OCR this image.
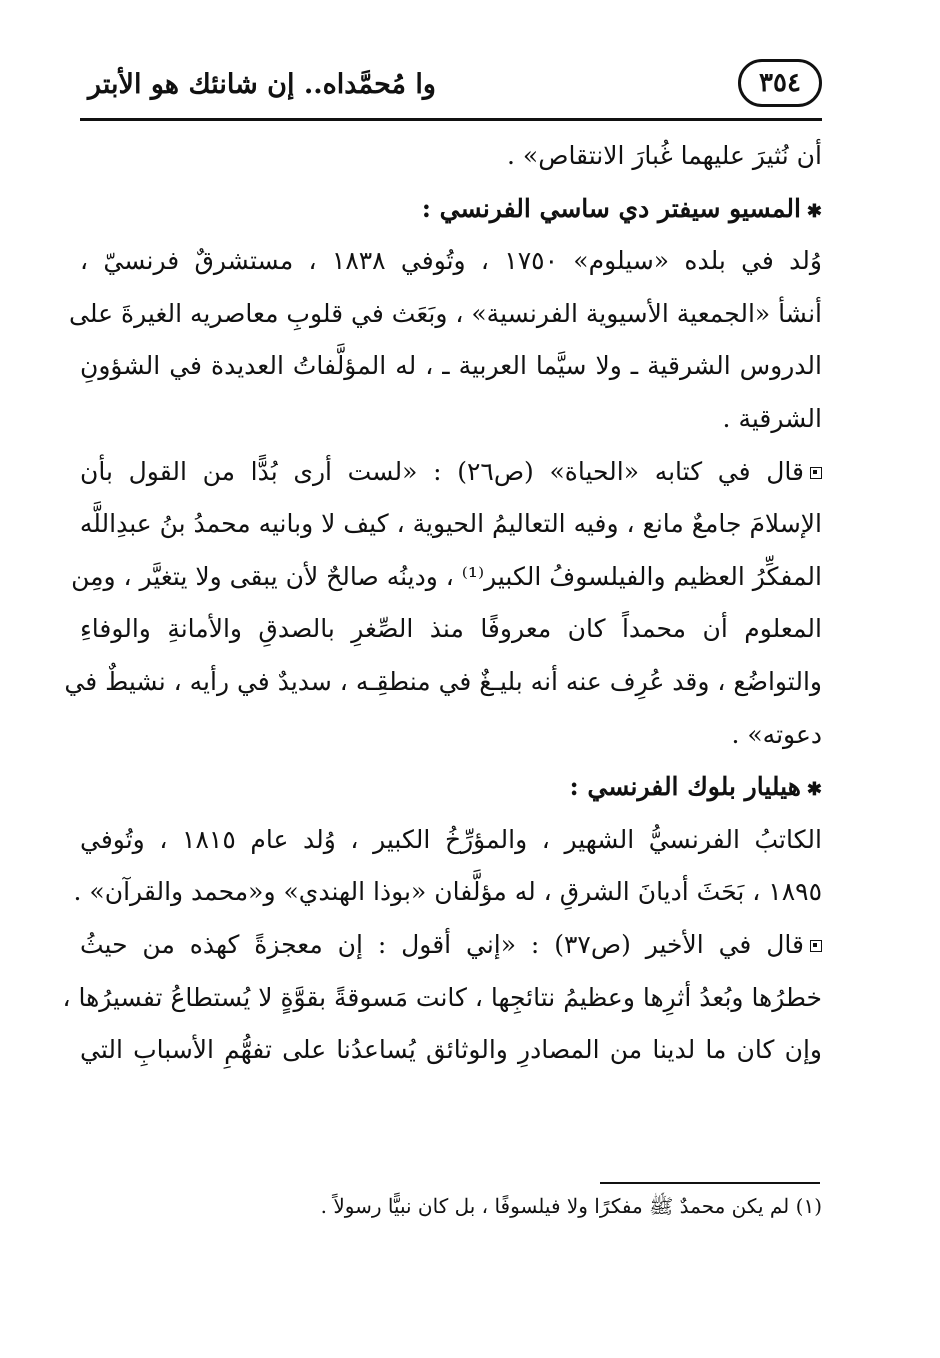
وا مُحمَّداه.. إن شانئك هو الأبتر	٣٥٤
أن نُثيرَ عليهما غُبارَ الانتقاص» .
✱المسيو سيفتر دي ساسي الفرنسي :
وُلد في بلده «سيلوم» ١٧٥٠ ، وتُوفي ١٨٣٨ ، مستشرقٌ فرنسيّ ،
أنشأ «الجمعية الأسيوية الفرنسية» ، وبَعَث في قلوبِ معاصريه الغيرةَ على
الدروس الشرقية ـ ولا سيَّما العربية ـ ، له المؤلَّفاتُ العديدة في الشؤونِ
الشرقية .
قال في كتابه «الحياة» (ص٢٦) : «لست أرى بُدًّا من القول بأن
الإسلامَ جامعٌ مانع ، وفيه التعاليمُ الحيوية ، كيف لا وبانيه محمدُ بنُ عبدِاللَّه
المفكِّرُ العظيم والفيلسوفُ الكبير⁽¹⁾ ، ودينُه صالحٌ لأن يبقى ولا يتغيَّر ، ومِن
المعلوم أن محمداً كان معروفًا منذ الصِّغرِ بالصدقِ والأمانةِ والوفاءِ
والتواضُع ، وقد عُرِف عنه أنه بليـغٌ في منطقِـه ، سديدٌ في رأيه ، نشيطٌ في
دعوته» .
✱هيليار بلوك الفرنسي :
الكاتبُ الفرنسيُّ الشهير ، والمؤرِّخُ الكبير ، وُلد عام ١٨١٥ ، وتُوفي
١٨٩٥ ، بَحَثَ أديانَ الشرقِ ، له مؤلَّفان «بوذا الهندي» و«محمد والقرآن» .
قال في الأخير (ص٣٧) : «إني أقول : إن معجزةً كهذه من حيثُ
خطرُها وبُعدُ أثرِها وعظيمُ نتائجِها ، كانت مَسوقةً بقوَّةٍ لا يُستطاعُ تفسيرُها ،
وإن كان ما لدينا من المصادرِ والوثائق يُساعدُنا على تفهُّمِ الأسبابِ التي
(١) لم يكن محمدٌ ﷺ مفكرًا ولا فيلسوفًا ، بل كان نبيًّا رسولاً .
